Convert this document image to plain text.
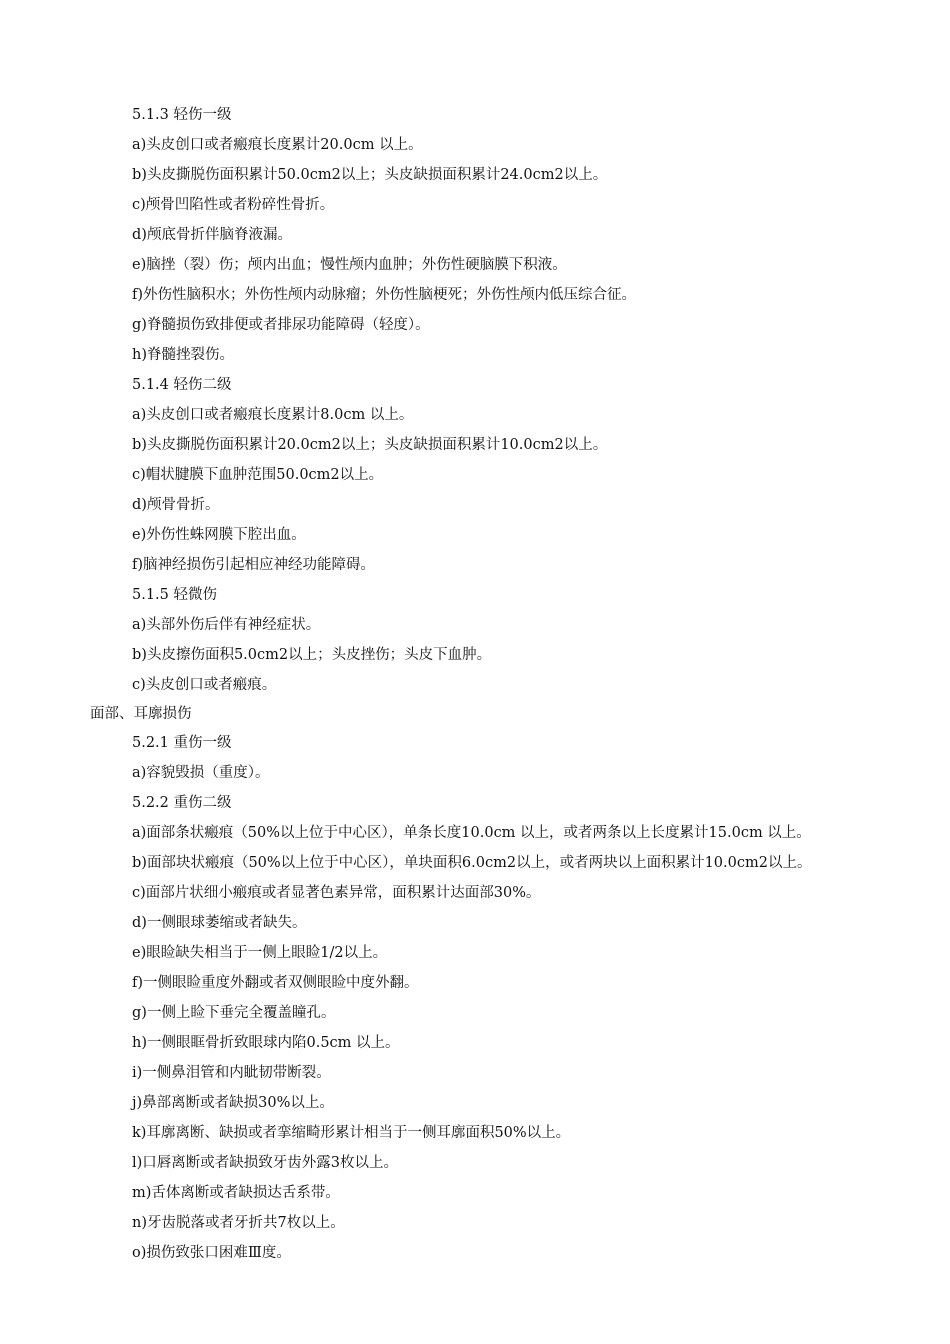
5.1.3 轻伤一级

a)头皮创口或者瘢痕长度累计20.0cm 以上。

b)头皮撕脱伤面积累计50.0cm2以上；头皮缺损面积累计24.0cm2以上。

c)颅骨凹陷性或者粉碎性骨折。

d)颅底骨折伴脑脊液漏。

e)脑挫（裂）伤；颅内出血；慢性颅内血肿；外伤性硬脑膜下积液。

f)外伤性脑积水；外伤性颅内动脉瘤；外伤性脑梗死；外伤性颅内低压综合征。

g)脊髓损伤致排便或者排尿功能障碍（轻度）。

h)脊髓挫裂伤。

5.1.4 轻伤二级

a)头皮创口或者瘢痕长度累计8.0cm 以上。

b)头皮撕脱伤面积累计20.0cm2以上；头皮缺损面积累计10.0cm2以上。

c)帽状腱膜下血肿范围50.0cm2以上。

d)颅骨骨折。

e)外伤性蛛网膜下腔出血。

f)脑神经损伤引起相应神经功能障碍。

5.1.5 轻微伤

a)头部外伤后伴有神经症状。

b)头皮擦伤面积5.0cm2以上；头皮挫伤；头皮下血肿。

c)头皮创口或者瘢痕。

面部、耳廓损伤

5.2.1 重伤一级

a)容貌毁损（重度）。

5.2.2 重伤二级

a)面部条状瘢痕（50%以上位于中心区），单条长度10.0cm 以上，或者两条以上长度累计15.0cm 以上。

b)面部块状瘢痕（50%以上位于中心区），单块面积6.0cm2以上，或者两块以上面积累计10.0cm2以上。

c)面部片状细小瘢痕或者显著色素异常，面积累计达面部30%。

d)一侧眼球萎缩或者缺失。

e)眼睑缺失相当于一侧上眼睑1/2以上。

f)一侧眼睑重度外翻或者双侧眼睑中度外翻。

g)一侧上睑下垂完全覆盖瞳孔。

h)一侧眼眶骨折致眼球内陷0.5cm 以上。

i)一侧鼻泪管和内眦韧带断裂。

j)鼻部离断或者缺损30%以上。

k)耳廓离断、缺损或者挛缩畸形累计相当于一侧耳廓面积50%以上。

l)口唇离断或者缺损致牙齿外露3枚以上。

m)舌体离断或者缺损达舌系带。

n)牙齿脱落或者牙折共7枚以上。

o)损伤致张口困难Ⅲ度。
